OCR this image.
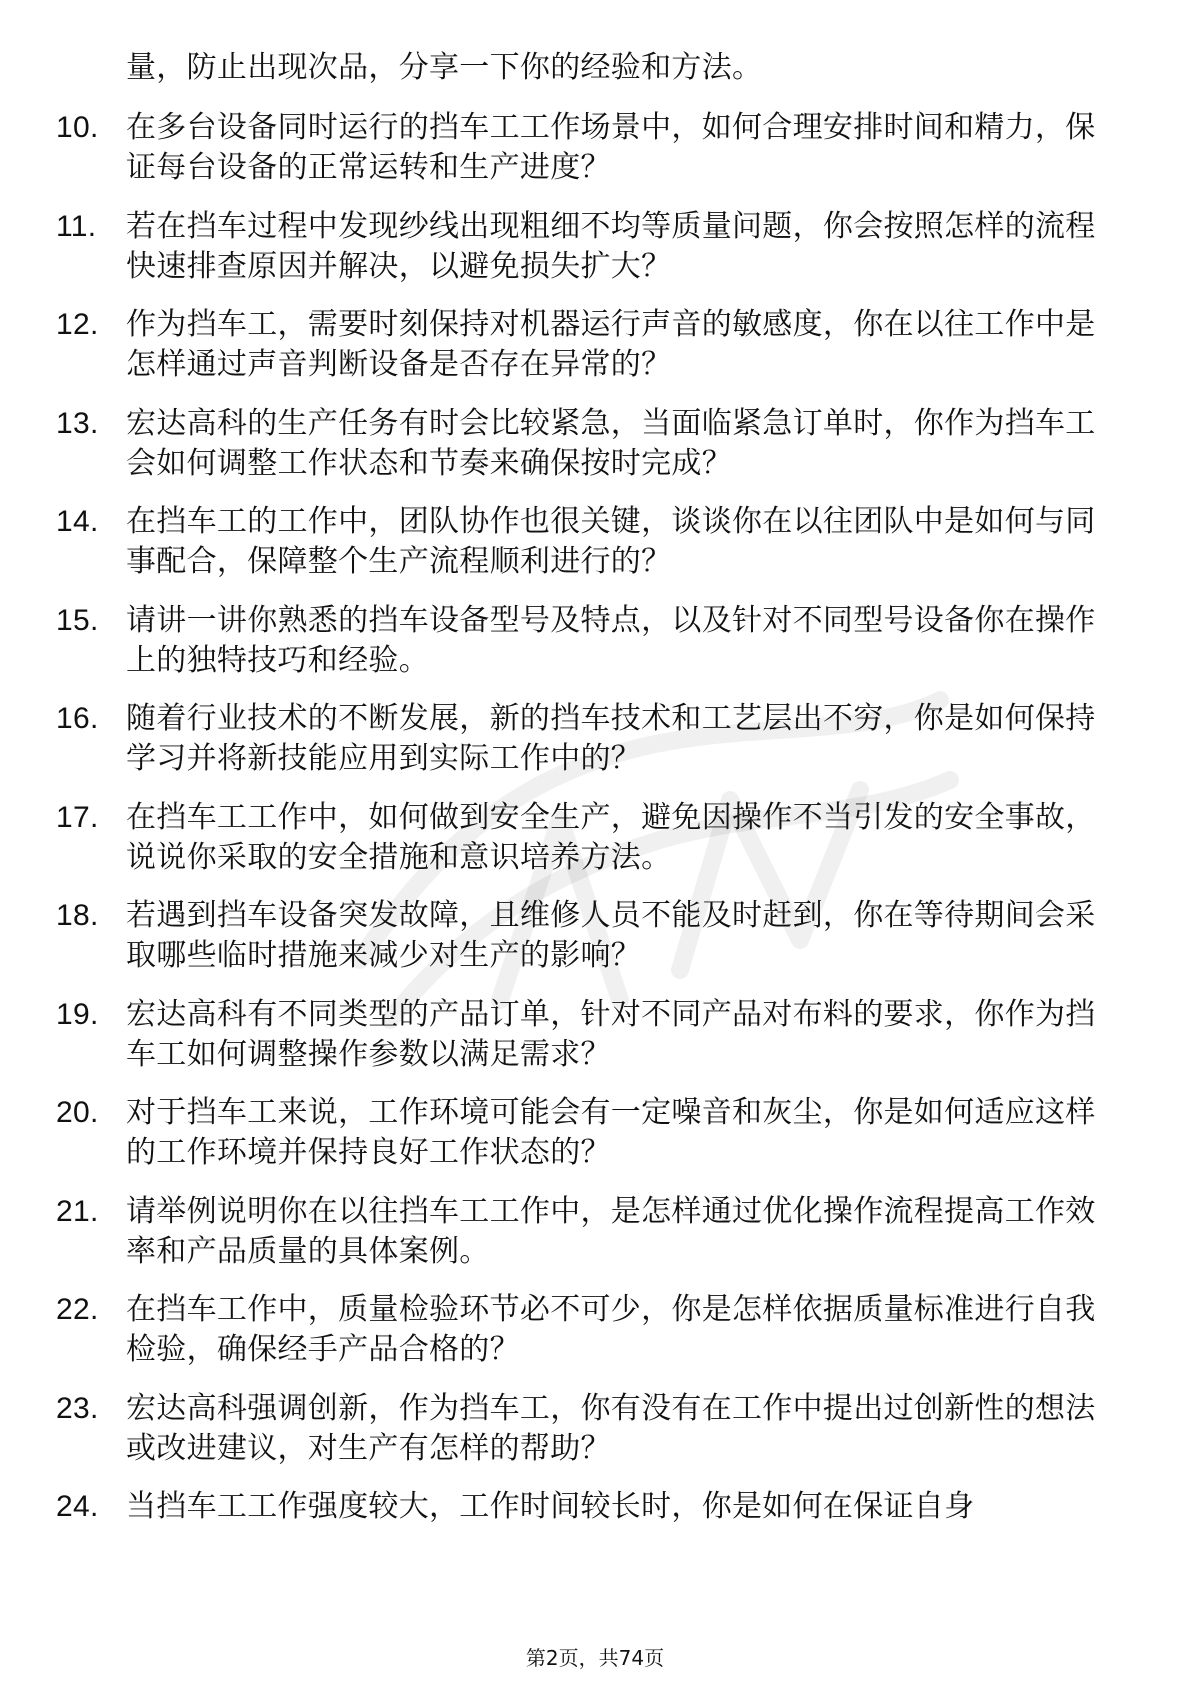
量，防止出现次品，分享一下你的经验和方法。
10. 在多台设备同时运行的挡车工工作场景中，如何合理安排时间和精力，保证每台设备的正常运转和生产进度？
11. 若在挡车过程中发现纱线出现粗细不均等质量问题，你会按照怎样的流程快速排查原因并解决，以避免损失扩大？
12. 作为挡车工，需要时刻保持对机器运行声音的敏感度，你在以往工作中是怎样通过声音判断设备是否存在异常的？
13. 宏达高科的生产任务有时会比较紧急，当面临紧急订单时，你作为挡车工会如何调整工作状态和节奏来确保按时完成？
14. 在挡车工的工作中，团队协作也很关键，谈谈你在以往团队中是如何与同事配合，保障整个生产流程顺利进行的？
15. 请讲一讲你熟悉的挡车设备型号及特点，以及针对不同型号设备你在操作上的独特技巧和经验。
16. 随着行业技术的不断发展，新的挡车技术和工艺层出不穷，你是如何保持学习并将新技能应用到实际工作中的？
17. 在挡车工工作中，如何做到安全生产，避免因操作不当引发的安全事故，说说你采取的安全措施和意识培养方法。
18. 若遇到挡车设备突发故障，且维修人员不能及时赶到，你在等待期间会采取哪些临时措施来减少对生产的影响？
19. 宏达高科有不同类型的产品订单，针对不同产品对布料的要求，你作为挡车工如何调整操作参数以满足需求？
20. 对于挡车工来说，工作环境可能会有一定噪音和灰尘，你是如何适应这样的工作环境并保持良好工作状态的？
21. 请举例说明你在以往挡车工工作中，是怎样通过优化操作流程提高工作效率和产品质量的具体案例。
22. 在挡车工作中，质量检验环节必不可少，你是怎样依据质量标准进行自我检验，确保经手产品合格的？
23. 宏达高科强调创新，作为挡车工，你有没有在工作中提出过创新性的想法或改进建议，对生产有怎样的帮助？
24. 当挡车工工作强度较大，工作时间较长时，你是如何在保证自身
第2页，共74页
